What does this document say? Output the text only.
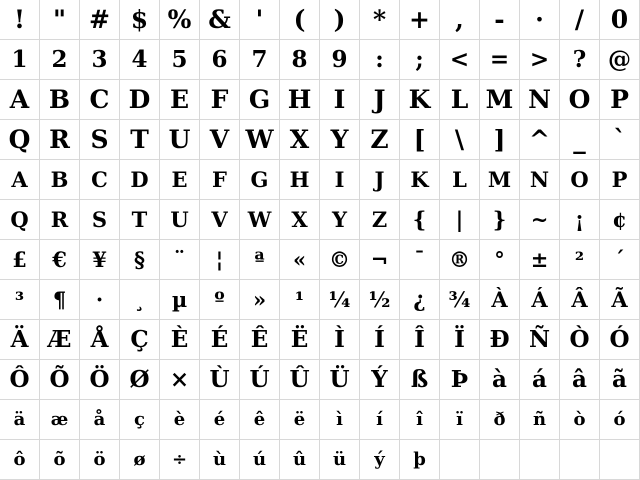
! " # $ % & ' ( ) * + , - · / 0
1 2 3 4 5 6 7 8 9 : ; < = > ? @
A B C D E F G H I J K L M N O P
Q R S T U V W X Y Z [ \ ] ^ _ `
A B C D E F G H I J K L M N O P
Q R S T U V W X Y Z { | } ~ ¡ ¢
£ € ¥ § ¨ ¦ ª « © ¬ ¯ ® ° ± ² ´
³ ¶ · ¸ µ º » ¹ ¼ ½ ¿ ¾ À Á Â Ã
Ä Æ Å Ç È É Ê Ë Ì Í Î Ï Ð Ñ Ò Ó
Ô Õ Ö Ø × Ù Ú Û Ü Ý ß Þ à á â ã
ä æ å ç è é ê ë ì í î ï ð ñ ò ó
ô õ ö ø ÷ ù ú û ü ý þ
